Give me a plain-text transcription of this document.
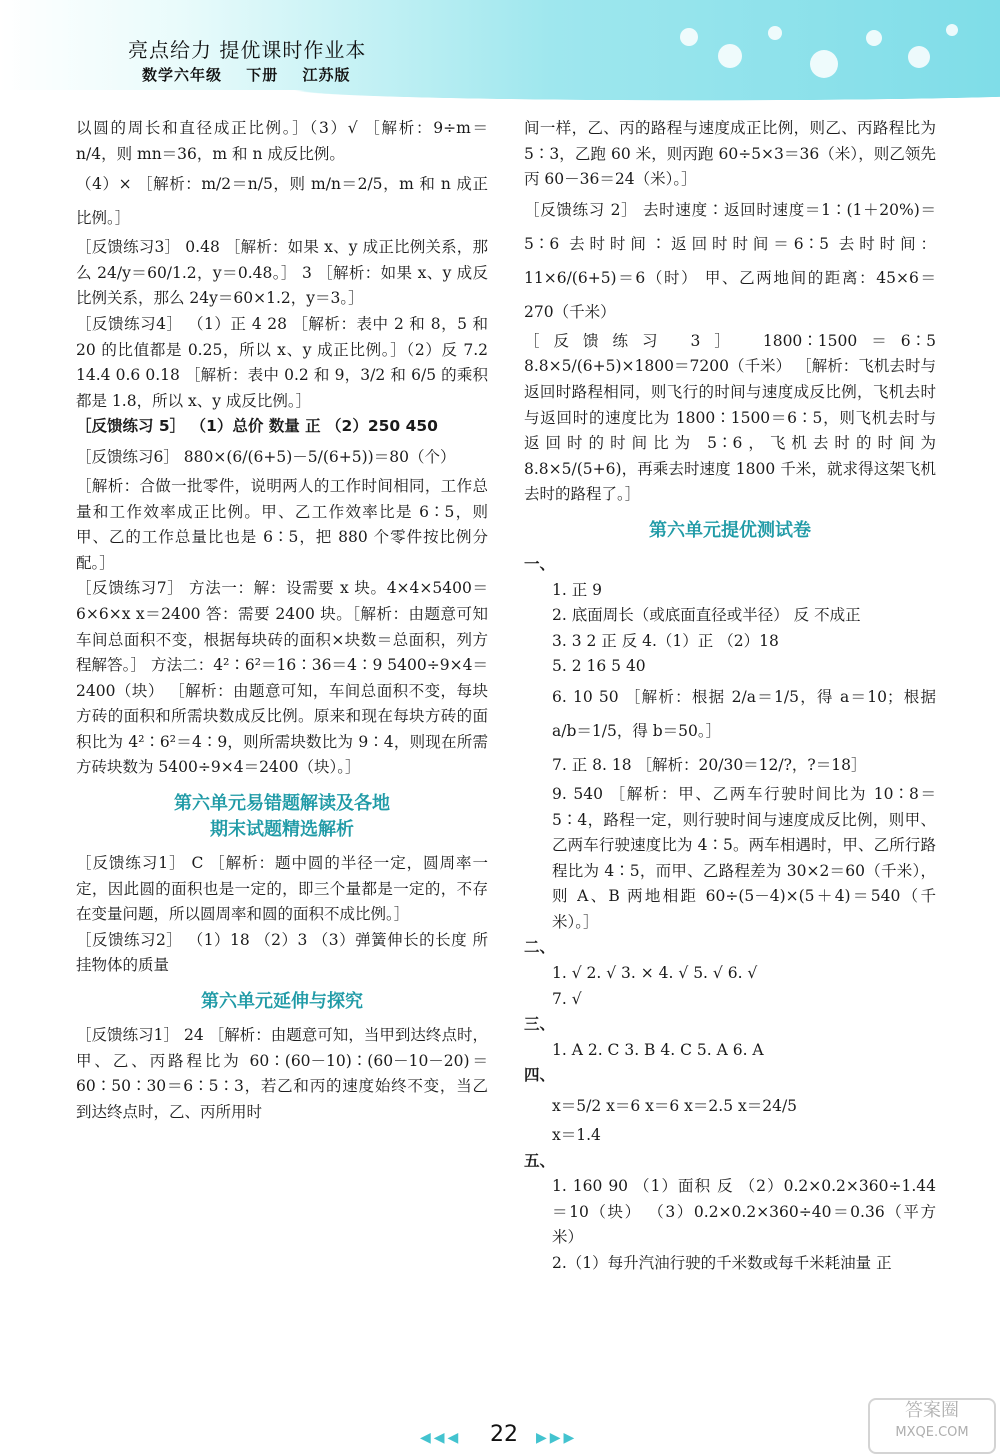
亮点给力 提优课时作业本
数学六年级 下册 江苏版

以圆的周长和直径成正比例。］（3）√ ［解析：9÷m＝n/4，则 mn＝36，m 和 n 成反比例。

（4）× ［解析：m/2＝n/5，则 m/n＝2/5，m 和 n 成正比例。］

［反馈练习3］ 0.48 ［解析：如果 x、y 成正比例关系，那么 24/y＝60/1.2，y＝0.48。］ 3 ［解析：如果 x、y 成反比例关系，那么 24y＝60×1.2，y＝3。］

［反馈练习4］ （1）正 4 28 ［解析：表中 2 和 8，5 和 20 的比值都是 0.25，所以 x、y 成正比例。］（2）反 7.2 14.4 0.6 0.18 ［解析：表中 0.2 和 9，3/2 和 6/5 的乘积都是 1.8，所以 x、y 成反比例。］

［反馈练习 5］ （1）总价 数量 正 （2）250 450

［反馈练习6］ 880×(6/(6+5)－5/(6+5))＝80（个）

［解析：合做一批零件，说明两人的工作时间相同，工作总量和工作效率成正比例。甲、乙工作效率比是 6∶5，则甲、乙的工作总量比也是 6∶5，把 880 个零件按比例分配。］

［反馈练习7］ 方法一：解：设需要 x 块。4×4×5400＝6×6×x x＝2400 答：需要 2400 块。［解析：由题意可知车间总面积不变，根据每块砖的面积×块数＝总面积，列方程解答。］ 方法二：4²∶6²＝16∶36＝4∶9 5400÷9×4＝2400（块） ［解析：由题意可知，车间总面积不变，每块方砖的面积和所需块数成反比例。原来和现在每块方砖的面积比为 4²∶6²＝4∶9，则所需块数比为 9∶4，则现在所需方砖块数为 5400÷9×4＝2400（块）。］

第六单元易错题解读及各地
期末试题精选解析

［反馈练习1］ C ［解析：题中圆的半径一定，圆周率一定，因此圆的面积也是一定的，即三个量都是一定的，不存在变量问题，所以圆周率和圆的面积不成比例。］

［反馈练习2］ （1）18 （2）3 （3）弹簧伸长的长度 所挂物体的质量

第六单元延伸与探究

［反馈练习1］ 24 ［解析：由题意可知，当甲到达终点时，甲、乙、丙路程比为 60∶(60－10)∶(60－10－20)＝60∶50∶30＝6∶5∶3，若乙和丙的速度始终不变，当乙到达终点时，乙、丙所用时

间一样，乙、丙的路程与速度成正比例，则乙、丙路程比为 5∶3，乙跑 60 米，则丙跑 60÷5×3＝36（米），则乙领先丙 60－36＝24（米）。］

［反馈练习 2］ 去时速度∶返回时速度＝1∶(1＋20%)＝5∶6 去时时间∶返回时时间＝6∶5 去时时间：11×6/(6+5)＝6（时） 甲、乙两地间的距离：45×6＝270（千米）

［反馈练习 3］ 1800∶1500＝6∶5 8.8×5/(6+5)×1800＝7200（千米） ［解析：飞机去时与返回时路程相同，则飞行的时间与速度成反比例，飞机去时与返回时的速度比为 1800∶1500＝6∶5，则飞机去时与返回时的时间比为 5∶6，飞机去时的时间为 8.8×5/(5+6)，再乘去时速度 1800 千米，就求得这架飞机去时的路程了。］

第六单元提优测试卷

一、

1. 正 9

2. 底面周长（或底面直径或半径） 反 不成正

3. 3 2 正 反 4.（1）正 （2）18

5. 2 16 5 40

6. 10 50 ［解析：根据 2/a＝1/5，得 a＝10；根据 a/b＝1/5，得 b＝50。］

7. 正 8. 18 ［解析：20/30＝12/?，?＝18］

9. 540 ［解析：甲、乙两车行驶时间比为 10∶8＝5∶4，路程一定，则行驶时间与速度成反比例，则甲、乙两车行驶速度比为 4∶5。两车相遇时，甲、乙所行路程比为 4∶5，而甲、乙路程差为 30×2＝60（千米），则 A、B 两地相距 60÷(5－4)×(5＋4)＝540（千米）。］

二、

1. √ 2. √ 3. × 4. √ 5. √ 6. √

7. √

三、

1. A 2. C 3. B 4. C 5. A 6. A

四、

x＝5/2 x＝6 x＝6 x＝2.5 x＝24/5

x＝1.4

五、

1. 160 90 （1）面积 反 （2）0.2×0.2×360÷1.44＝10（块） （3）0.2×0.2×360÷40＝0.36（平方米）

2.（1）每升汽油行驶的千米数或每千米耗油量 正

◀◀◀ 22	▶▶▶
答案圈
MXQE.COM
